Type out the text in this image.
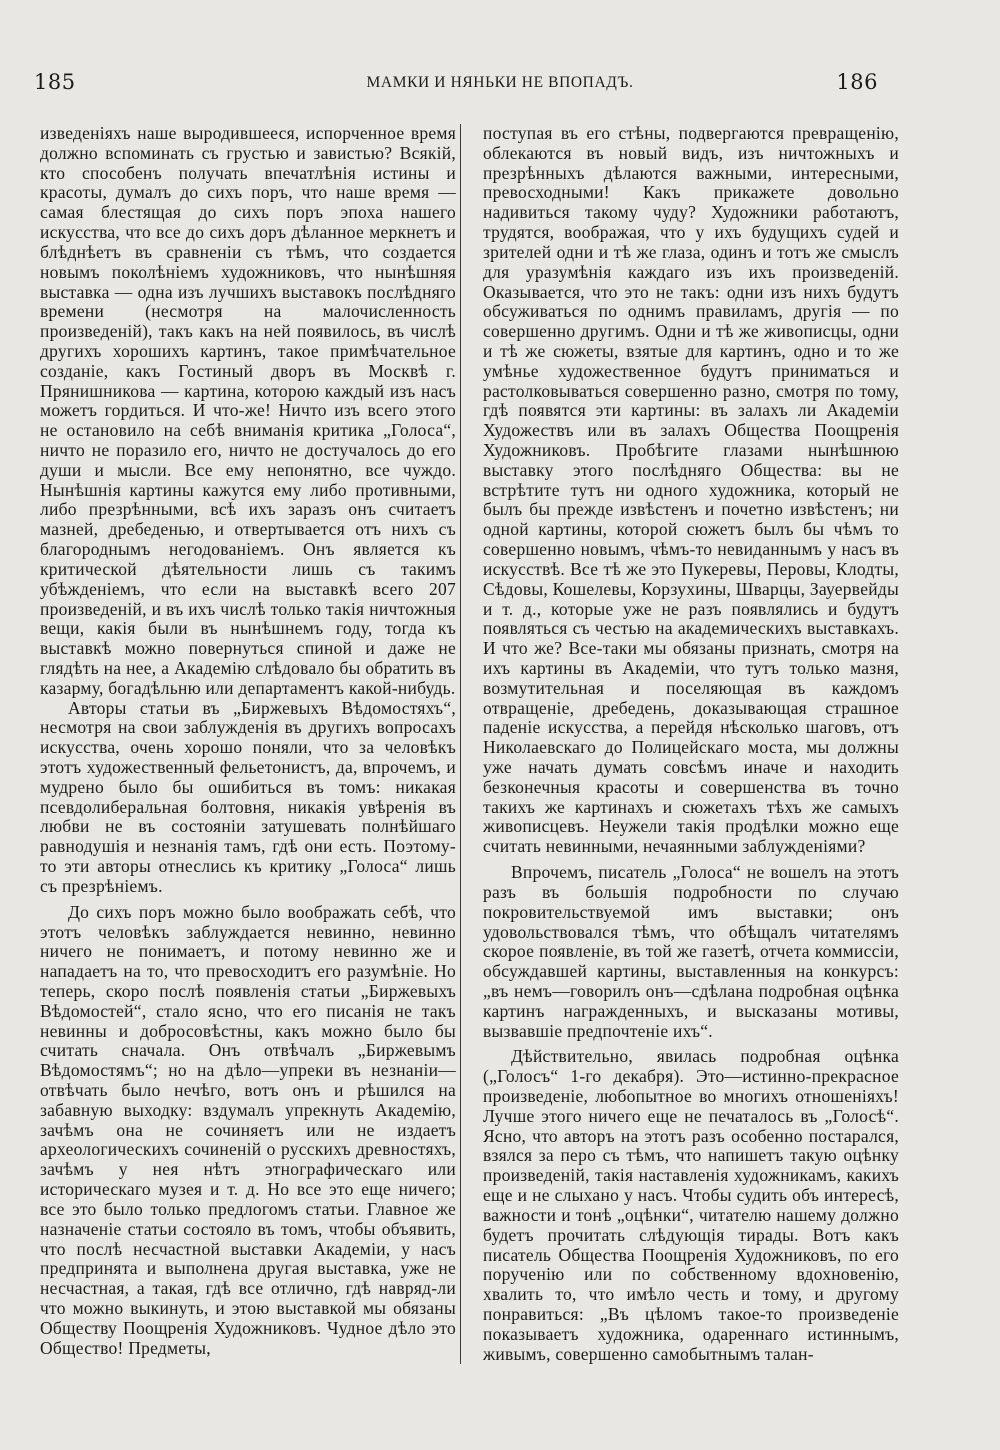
185	МАМКИ И НЯНЬКИ НЕ ВПОПАДЪ.	186

изведеніяхъ наше выродившееся, испорченное время должно вспоминать съ грустью и завистью? Всякій, кто способенъ получать впечатлѣнія истины и красоты, думалъ до сихъ поръ, что наше время — самая блестящая до сихъ поръ эпоха нашего искусства, что все до сихъ доръ дѣланное меркнетъ и блѣднѣетъ въ сравненіи съ тѣмъ, что создается новымъ поколѣніемъ художниковъ, что нынѣшняя выставка — одна изъ лучшихъ выставокъ послѣдняго времени (несмотря на малочисленность произведеній), такъ какъ на ней появилось, въ числѣ другихъ хорошихъ картинъ, такое примѣчательное созданіе, какъ Гостиный дворъ въ Москвѣ г. Прянишникова — картина, которою каждый изъ насъ можетъ гордиться. И что-же! Ничто изъ всего этого не остановило на себѣ вниманія критика „Голоса“, ничто не поразило его, ничто не достучалось до его души и мысли. Все ему непонятно, все чуждо. Нынѣшнія картины кажутся ему либо противными, либо презрѣнными, всѣ ихъ заразъ онъ считаетъ мазней, дребеденью, и отвертывается отъ нихъ съ благороднымъ негодованіемъ. Онъ является къ критической дѣятельности лишь съ такимъ убѣжденіемъ, что если на выставкѣ всего 207 произведеній, и въ ихъ числѣ только такія ничтожныя вещи, какія были въ нынѣшнемъ году, тогда къ выставкѣ можно повернуться спиной и даже не глядѣть на нее, а Академію слѣдовало бы обратить въ казарму, богадѣльню или департаментъ какой-нибудь.

Авторы статьи въ „Биржевыхъ Вѣдомостяхъ“, несмотря на свои заблужденія въ другихъ вопросахъ искусства, очень хорошо поняли, что за человѣкъ этотъ художественный фельетонистъ, да, впрочемъ, и мудрено было бы ошибиться въ томъ: никакая псевдолиберальная болтовня, никакія увѣренія въ любви не въ состояніи затушевать полнѣйшаго равнодушія и незнанія тамъ, гдѣ они есть. Поэтому-то эти авторы отнеслись къ критику „Голоса“ лишь съ презрѣніемъ.

До сихъ поръ можно было воображать себѣ, что этотъ человѣкъ заблуждается невинно, невинно ничего не понимаетъ, и потому невинно же и нападаетъ на то, что превосходитъ его разумѣніе. Но теперь, скоро послѣ появленія статьи „Биржевыхъ Вѣдомостей“, стало ясно, что его писанія не такъ невинны и добросовѣстны, какъ можно было бы считать сначала. Онъ отвѣчалъ „Биржевымъ Вѣдомостямъ“; но на дѣло—упреки въ незнаніи—отвѣчать было нечѣго, вотъ онъ и рѣшился на забавную выходку: вздумалъ упрекнуть Академію, зачѣмъ она не сочиняетъ или не издаетъ археологическихъ сочиненій о русскихъ древностяхъ, зачѣмъ у нея нѣтъ этнографическаго или историческаго музея и т. д. Но все это еще ничего; все это было только предлогомъ статьи. Главное же назначеніе статьи состояло въ томъ, чтобы объявить, что послѣ несчастной выставки Академіи, у насъ предпринята и выполнена другая выставка, уже не несчастная, а такая, гдѣ все отлично, гдѣ навряд-ли что можно выкинуть, и этою выставкой мы обязаны Обществу Поощренія Художниковъ. Чудное дѣло это Общество! Предметы,

поступая въ его стѣны, подвергаются превращенію, облекаются въ новый видъ, изъ ничтожныхъ и презрѣнныхъ дѣлаются важными, интересными, превосходными! Какъ прикажете довольно надивиться такому чуду? Художники работаютъ, трудятся, воображая, что у ихъ будущихъ судей и зрителей одни и тѣ же глаза, одинъ и тотъ же смыслъ для уразумѣнія каждаго изъ ихъ произведеній. Оказывается, что это не такъ: одни изъ нихъ будутъ обсуживаться по однимъ правиламъ, другія — по совершенно другимъ. Одни и тѣ же живописцы, одни и тѣ же сюжеты, взятые для картинъ, одно и то же умѣнье художественное будутъ приниматься и растолковываться совершенно разно, смотря по тому, гдѣ появятся эти картины: въ залахъ ли Академіи Художествъ или въ залахъ Общества Поощренія Художниковъ. Пробѣгите глазами нынѣшнюю выставку этого послѣдняго Общества: вы не встрѣтите тутъ ни одного художника, который не былъ бы прежде извѣстенъ и почетно извѣстенъ; ни одной картины, которой сюжетъ былъ бы чѣмъ то совершенно новымъ, чѣмъ-то невиданнымъ у насъ въ искусствѣ. Все тѣ же это Пукеревы, Перовы, Клодты, Сѣдовы, Кошелевы, Корзухины, Шварцы, Зауервейды и т. д., которые уже не разъ появлялись и будутъ появляться съ честью на академическихъ выставкахъ. И что же? Все-таки мы обязаны признать, смотря на ихъ картины въ Академіи, что тутъ только мазня, возмутительная и поселяющая въ каждомъ отвращеніе, дребедень, доказывающая страшное паденіе искусства, а перейдя нѣсколько шаговъ, отъ Николаевскаго до Полицейскаго моста, мы должны уже начать думать совсѣмъ иначе и находить безконечныя красоты и совершенства въ точно такихъ же картинахъ и сюжетахъ тѣхъ же самыхъ живописцевъ. Неужели такія продѣлки можно еще считать невинными, нечаянными заблужденіями?

Впрочемъ, писатель „Голоса“ не вошелъ на этотъ разъ въ большія подробности по случаю покровительствуемой имъ выставки; онъ удовольствовался тѣмъ, что обѣщалъ читателямъ скорое появленіе, въ той же газетѣ, отчета коммиссіи, обсуждавшей картины, выставленныя на конкурсъ: „въ немъ—говорилъ онъ—сдѣлана подробная оцѣнка картинъ награжденныхъ, и высказаны мотивы, вызвавшіе предпочтеніе ихъ“.

Дѣйствительно, явилась подробная оцѣнка („Голосъ“ 1-го декабря). Это—истинно-прекрасное произведеніе, любопытное во многихъ отношеніяхъ! Лучше этого ничего еще не печаталось въ „Голосѣ“. Ясно, что авторъ на этотъ разъ особенно постарался, взялся за перо съ тѣмъ, что напишетъ такую оцѣнку произведеній, такія наставленія художникамъ, какихъ еще и не слыхано у насъ. Чтобы судить объ интересѣ, важности и тонѣ „оцѣнки“, читателю нашему должно будетъ прочитать слѣдующія тирады. Вотъ какъ писатель Общества Поощренія Художниковъ, по его порученію или по собственному вдохновенію, хвалить то, что имѣло честь и тому, и другому понравиться: „Въ цѣломъ такое-то произведеніе показываетъ художника, одареннаго истиннымъ, живымъ, совершенно самобытнымъ талан-
